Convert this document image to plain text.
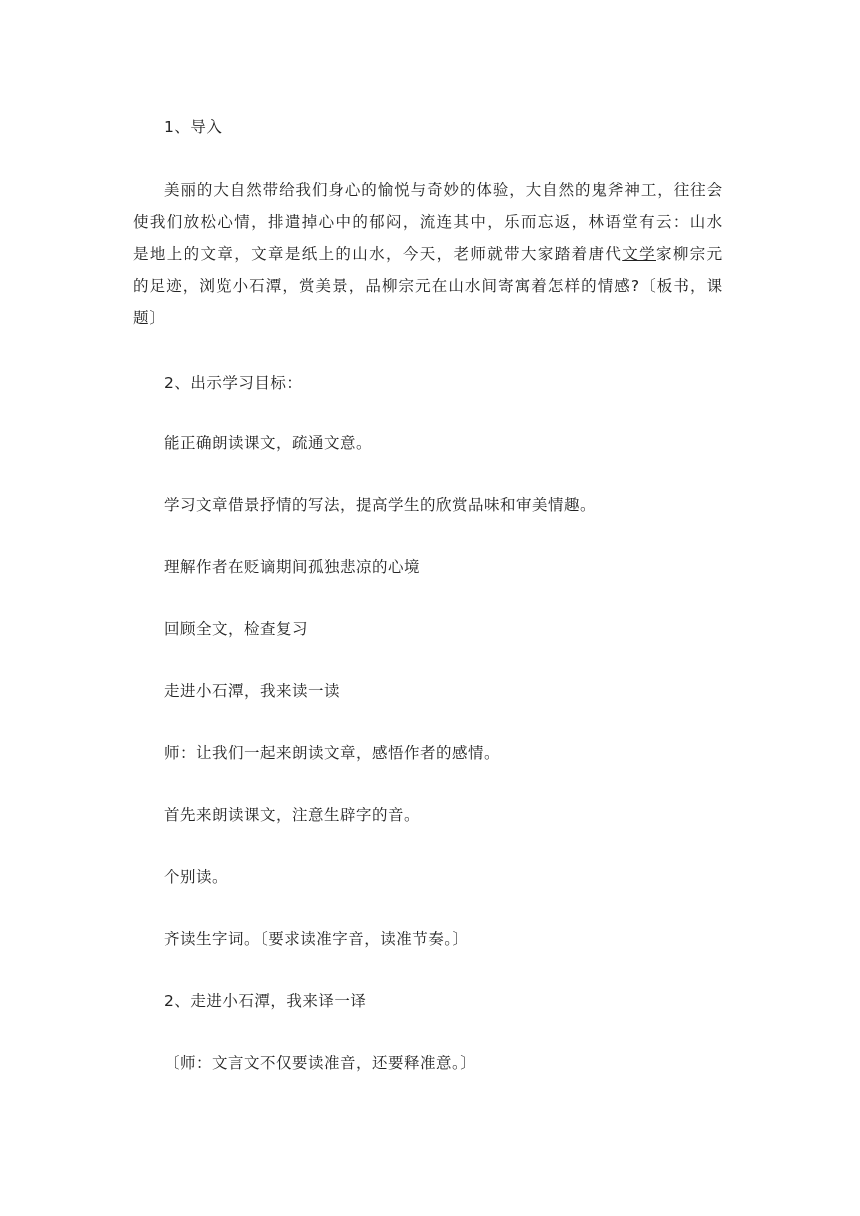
1、导入
美丽的大自然带给我们身心的愉悦与奇妙的体验，大自然的鬼斧神工，往往会使我们放松心情，排遣掉心中的郁闷，流连其中，乐而忘返，林语堂有云：山水是地上的文章，文章是纸上的山水，今天，老师就带大家踏着唐代文学家柳宗元的足迹，浏览小石潭，赏美景，品柳宗元在山水间寄寓着怎样的情感?〔板书，课题〕
2、出示学习目标：
能正确朗读课文，疏通文意。
学习文章借景抒情的写法，提高学生的欣赏品味和审美情趣。
理解作者在贬谪期间孤独悲凉的心境
回顾全文，检查复习
走进小石潭，我来读一读
师：让我们一起来朗读文章，感悟作者的感情。
首先来朗读课文，注意生辟字的音。
个别读。
齐读生字词。〔要求读准字音，读准节奏。〕
2、走进小石潭，我来译一译
〔师：文言文不仅要读准音，还要释准意。〕
